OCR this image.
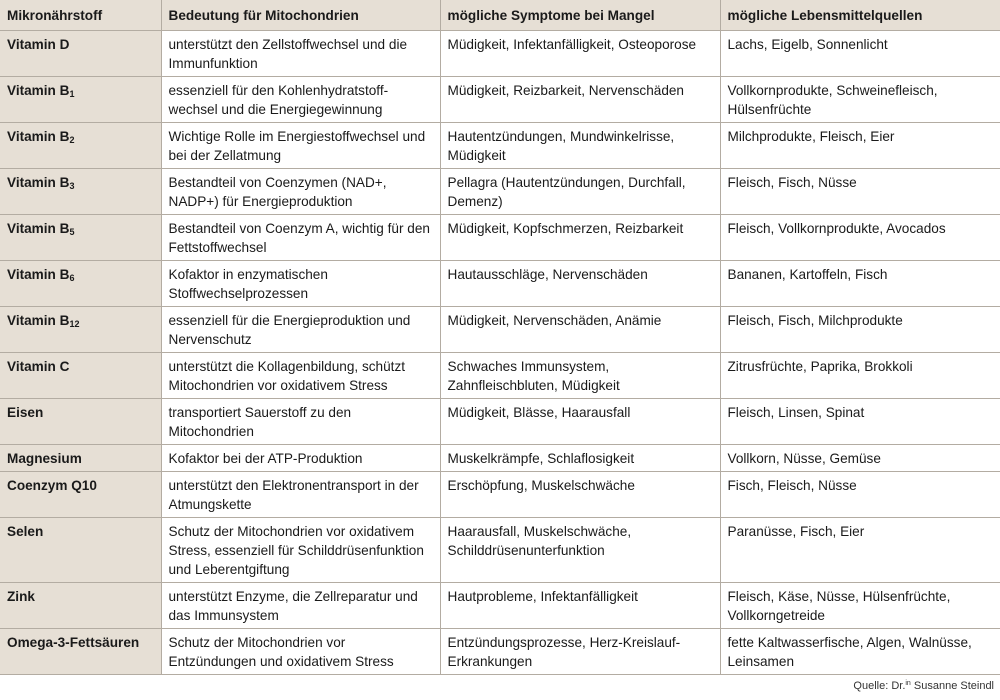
Mikronährstoff	Bedeutung für Mitochondrien	mögliche Symptome bei Mangel	mögliche Lebensmittelquellen
Vitamin D	unterstützt den Zellstoffwechsel und die Immunfunktion	Müdigkeit, Infektanfälligkeit, Osteoporose	Lachs, Eigelb, Sonnenlicht
Vitamin $B_1$	essenziell für den Kohlenhydratstoffwechsel und die Energiegewinnung	Müdigkeit, Reizbarkeit, Nervenschäden	Vollkornprodukte, Schweinefleisch, Hülsenfrüchte
Vitamin $B_2$	Wichtige Rolle im Energiestoffwechsel und bei der Zellatmung	Hautentzündungen, Mundwinkelrisse, Müdigkeit	Milchprodukte, Fleisch, Eier
Vitamin $B_3$	Bestandteil von Coenzymen (NAD+, NADP+) für Energieproduktion	Pellagra (Hautentzündungen, Durchfall, Demenz)	Fleisch, Fisch, Nüsse
Vitamin $B_5$	Bestandteil von Coenzym A, wichtig für den Fettstoffwechsel	Müdigkeit, Kopfschmerzen, Reizbarkeit	Fleisch, Vollkornprodukte, Avocados
Vitamin $B_6$	Kofaktor in enzymatischen Stoffwechselprozessen	Hautausschläge, Nervenschäden	Bananen, Kartoffeln, Fisch
Vitamin $B_{12}$	essenziell für die Energieproduktion und Nervenschutz	Müdigkeit, Nervenschäden, Anämie	Fleisch, Fisch, Milchprodukte
Vitamin C	unterstützt die Kollagenbildung, schützt Mitochondrien vor oxidativem Stress	Schwaches Immunsystem, Zahnfleischbluten, Müdigkeit	Zitrusfrüchte, Paprika, Brokkoli
Eisen	transportiert Sauerstoff zu den Mitochondrien	Müdigkeit, Blässe, Haarausfall	Fleisch, Linsen, Spinat
Magnesium	Kofaktor bei der ATP-Produktion	Muskelkrämpfe, Schlaflosigkeit	Vollkorn, Nüsse, Gemüse
Coenzym Q10	unterstützt den Elektronentransport in der Atmungskette	Erschöpfung, Muskelschwäche	Fisch, Fleisch, Nüsse
Selen	Schutz der Mitochondrien vor oxidativem Stress, essenziell für Schilddrüsenfunktion und Leberentgiftung	Haarausfall, Muskelschwäche, Schilddrüsenunterfunktion	Paranüsse, Fisch, Eier
Zink	unterstützt Enzyme, die Zellreparatur und das Immunsystem	Hautprobleme, Infektanfälligkeit	Fleisch, Käse, Nüsse, Hülsenfrüchte, Vollkorngetreide
Omega-3-Fettsäuren	Schutz der Mitochondrien vor Entzündungen und oxidativem Stress	Entzündungsprozesse, Herz-Kreislauf-Erkrankungen	fette Kaltwasserfische, Algen, Walnüsse, Leinsamen
Quelle: Dr.$^{in}$ Susanne Steindl
